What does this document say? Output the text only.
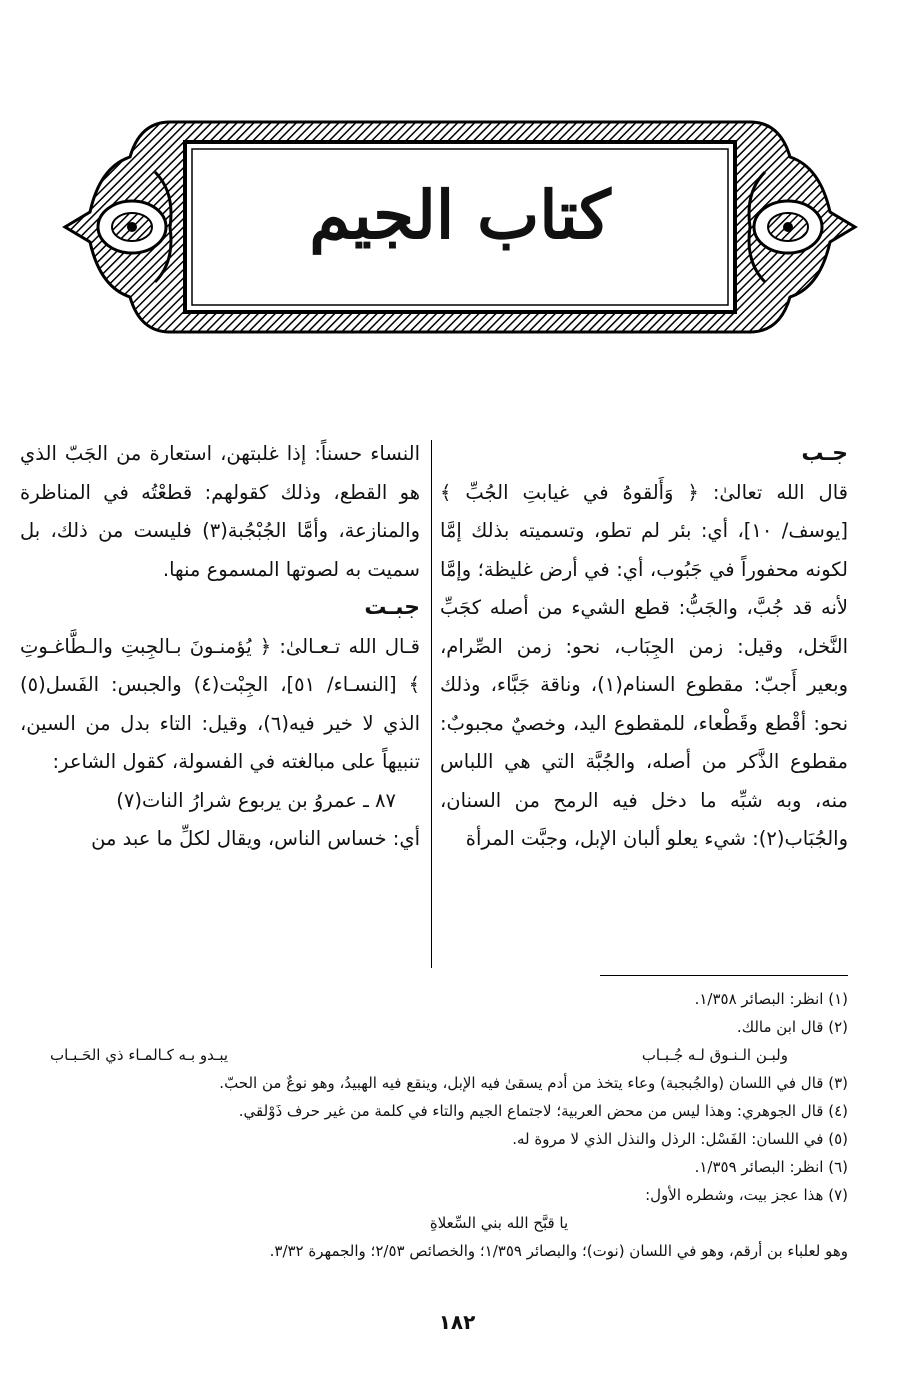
كتاب الجيم

جـب

قال الله تعالىٰ: ﴿ وَأَلقوهُ في غيابتِ الجُبِّ ﴾ [يوسف/ ١٠]، أي: بئر لم تطو، وتسميته بذلك إمَّا لكونه محفوراً في جَبُوب، أي: في أرض غليظة؛ وإمَّا لأنه قد جُبَّ، والجَبُّ: قطع الشيء من أصله كجَبِّ النَّخل، وقيل: زمن الجِبَاب، نحو: زمن الصِّرام، وبعير أَجبّ: مقطوع السنام(١)، وناقة جَبَّاء، وذلك نحو: أقْطع وقَطْعاء، للمقطوع اليد، وخصيٌ مجبوبٌ: مقطوع الذَّكر من أصله، والجُبَّة التي هي اللباس منه، وبه شبِّه ما دخل فيه الرمح من السنان، والجُبَاب(٢): شيء يعلو ألبان الإبل، وجبَّت المرأة

النساء حسناً: إذا غلبتهن، استعارة من الجَبّ الذي هو القطع، وذلك كقولهم: قطعْتُه في المناظرة والمنازعة، وأمَّا الجُبْجُبة(٣) فليست من ذلك، بل سميت به لصوتها المسموع منها.

جبـت

قـال الله تـعـالىٰ: ﴿ يُؤمنـونَ بـالجِبتِ والـطَّاغـوتِ ﴾ [النسـاء/ ٥١]، الجِبْت(٤) والجبس: الفَسل(٥) الذي لا خير فيه(٦)، وقيل: التاء بدل من السين، تنبيهاً على مبالغته في الفسولة، كقول الشاعر:

٨٧ ـ عمروُ بن يربوع شرارُ النات(٧)

أي: خساس الناس، ويقال لكلِّ ما عبد من

(١) انظر: البصائر ١/٣٥٨.

(٢) قال ابن مالك.

ولبـن الـنـوق لـه جُـبـاب
يبـدو بـه كـالمـاء ذي الحَـبـاب

(٣) قال في اللسان (والجُبجبة) وعاء يتخذ من أدم يسقىٰ فيه الإبل، وينقع فيه الهبيدُ، وهو نوعٌ من الحبّ.

(٤) قال الجوهري: وهذا ليس من محض العربية؛ لاجتماع الجيم والتاء في كلمة من غير حرف ذَوْلقي.

(٥) في اللسان: الفَسْل: الرذل والنذل الذي لا مروة له.

(٦) انظر: البصائر ١/٣٥٩.

(٧) هذا عجز بيت، وشطره الأول:

يا قبَّح الله بني السِّعلاةِ

وهو لعلباء بن أرقم، وهو في اللسان (نوت)؛ والبصائر ١/٣٥٩؛ والخصائص ٢/٥٣؛ والجمهرة ٣/٣٢.

١٨٢
